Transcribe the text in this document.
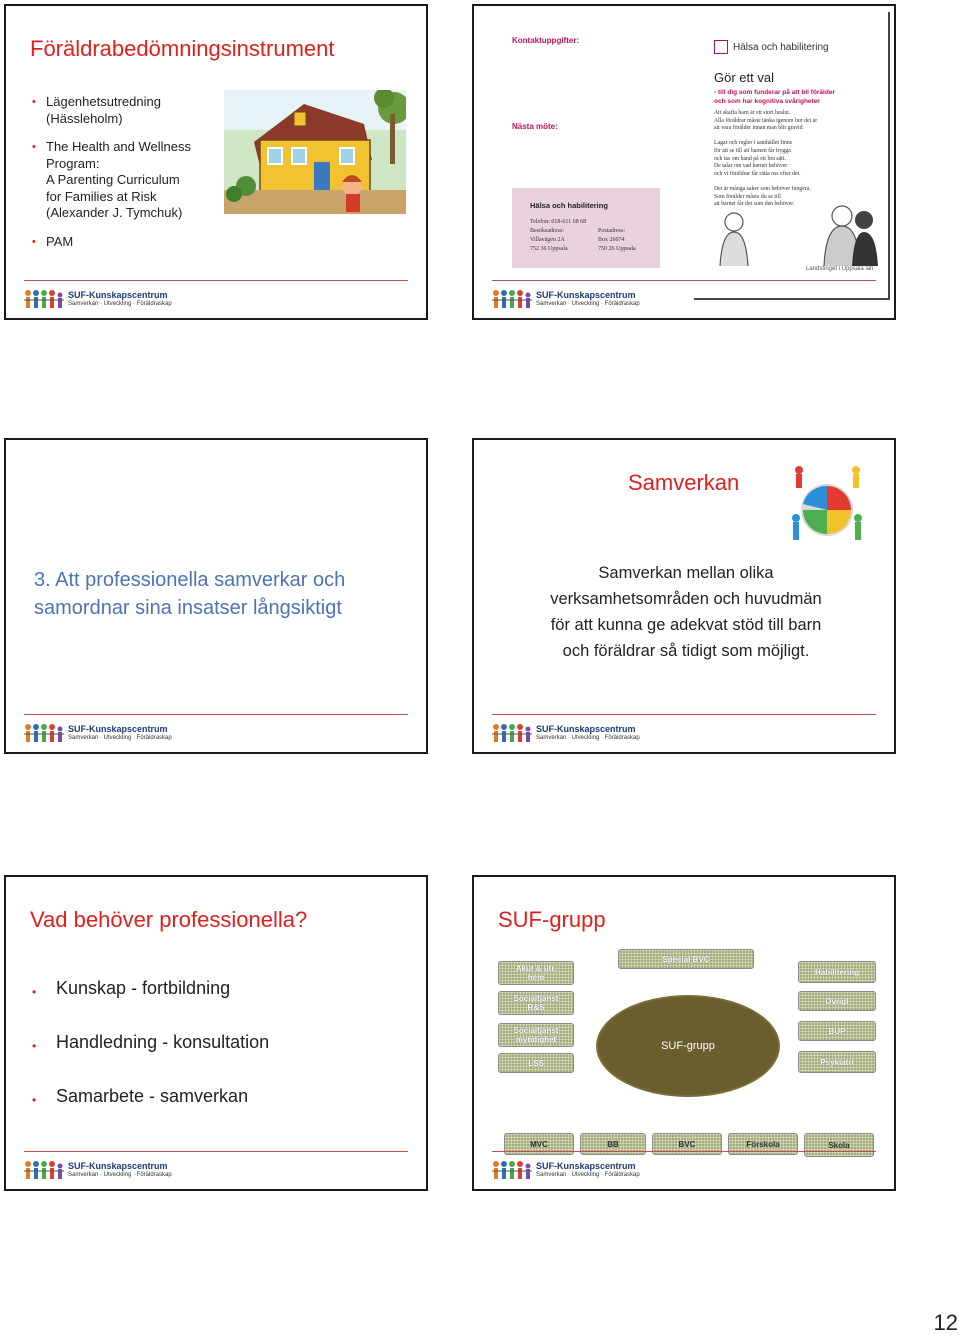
Föräldrabedömningsinstrument
• Lägenhetsutredning
(Hässleholm)
• The Health and Wellness
Program:
A Parenting Curriculum
for Families at Risk
(Alexander J. Tymchuk)
• PAM
SUF-Kunskapscentrum
Samverkan · Utveckling · Föräldraskap
Kontaktuppgifter:
Nästa möte:
Hälsa och habilitering
Telefon: 018-611 68 68
Besöksadress:
Villavägen 2A
752 36 Uppsala

Postadress:
Box 26074
750 26 Uppsala
Hälsa och habilitering
Gör ett val
- till dig som funderar på att bli förälder
och som har kognitiva svårigheter
Att skaffa barn är ett stort beslut.
Alla föräldrar måste tänka igenom hur det är
att vara förälder innan man blir gravid.

Lagar och regler i samhället finns
för att se till att barnen får trygga
och tas om hand på ett bra sätt.
De talar om vad barnet behöver
och vi föräldrar får rätta oss efter det.

Det är många saker som behöver fungera.
Som förälder måste du se till
att barnet får det som den behöver.
Landstinget i Uppsala län
SUF-Kunskapscentrum
Samverkan · Utveckling · Föräldraskap
3. Att professionella samverkar och samordnar sina insatser långsiktigt
SUF-Kunskapscentrum
Samverkan · Utveckling · Föräldraskap
Samverkan
Samverkan mellan olika
verksamhetsområden och huvudmän
för att kunna ge adekvat stöd till barn
och föräldrar så tidigt som möjligt.
SUF-Kunskapscentrum
Samverkan · Utveckling · Föräldraskap
Vad behöver professionella?
• Kunskap - fortbildning
• Handledning - konsultation
• Samarbete - samverkan
SUF-Kunskapscentrum
Samverkan · Utveckling · Föräldraskap
SUF-grupp
SUF-grupp
Akut & utr.
hem
Socialtjänst
R&S
Socialtjänst
myndighet
LSS
Special BVC
Habilitering
Övrigt
BUP
Psykiatri
MVC	BB	BVC	Förskola	Skola
SUF-Kunskapscentrum
Samverkan · Utveckling · Föräldraskap
12
